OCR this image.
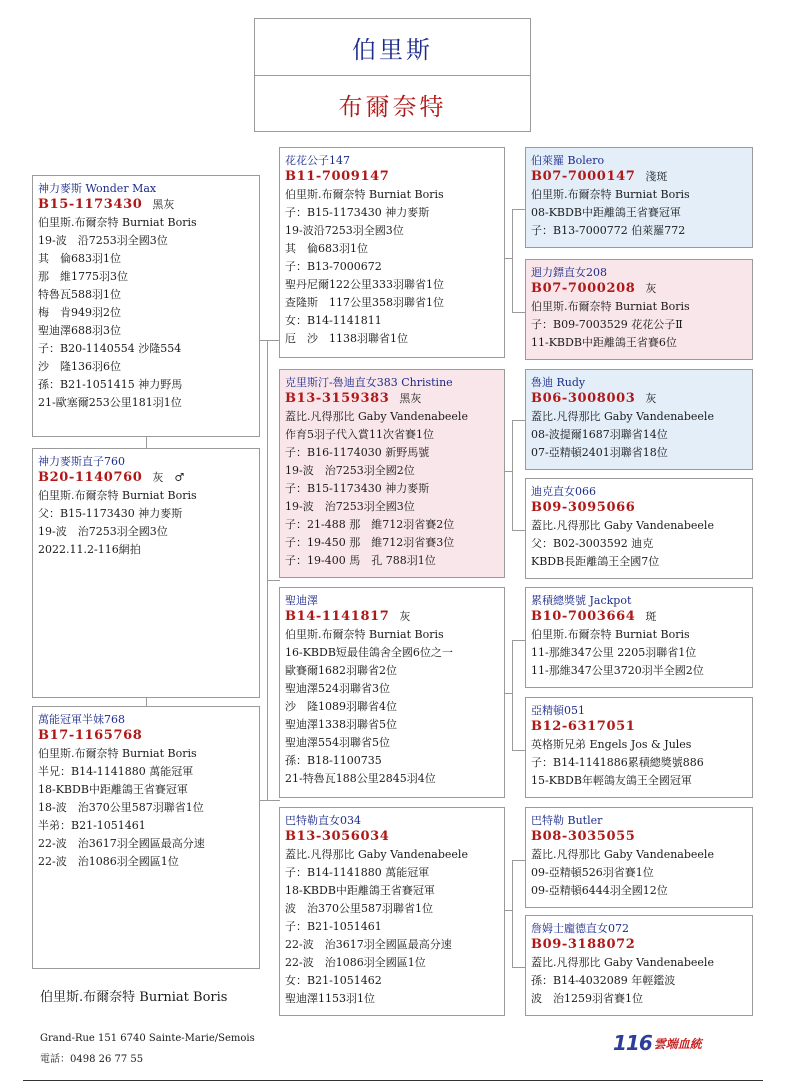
伯里斯
布爾奈特
神力麥斯 Wonder Max
B15-1173430 黑灰
伯里斯.布爾奈特 Burniat Boris
19-波　沿7253羽全國3位
其　倫683羽1位
那　維1775羽3位
特魯瓦588羽1位
梅　肯949羽2位
聖迪澤688羽3位
子：B20-1140554 沙隆554
沙　隆136羽6位
孫：B21-1051415 神力野馬
21-歐塞爾253公里181羽1位
神力麥斯直子760
B20-1140760 灰　♂
伯里斯.布爾奈特 Burniat Boris
父：B15-1173430 神力麥斯
19-波　治7253羽全國3位
2022.11.2-116網拍
萬能冠軍半妹768
B17-1165768
伯里斯.布爾奈特 Burniat Boris
半兄：B14-1141880 萬能冠軍
18-KBDB中距離鴿王省賽冠軍
18-波　治370公里587羽聯省1位
半弟：B21-1051461
22-波　治3617羽全國區最高分速
22-波　治1086羽全國區1位
花花公子147
B11-7009147
伯里斯.布爾奈特 Burniat Boris
子：B15-1173430 神力麥斯
19-波沿7253羽全國3位
其　倫683羽1位
子：B13-7000672
聖丹尼爾122公里333羽聯省1位
查隆斯　117公里358羽聯省1位
女：B14-1141811
厄　沙　1138羽聯省1位
克里斯汀-魯迪直女383 Christine
B13-3159383 黑灰
蓋比.凡得那比 Gaby Vandenabeele
作育5羽子代入賞11次省賽1位
子：B16-1174030 新野馬號
19-波　治7253羽全國2位
子：B15-1173430 神力麥斯
19-波　治7253羽全國3位
子：21-488 那　維712羽省賽2位
子：19-450 那　維712羽省賽3位
子：19-400 馬　孔 788羽1位
聖迪澤
B14-1141817 灰
伯里斯.布爾奈特 Burniat Boris
16-KBDB短最佳鴿舍全國6位之一
歐賽爾1682羽聯省2位
聖迪澤524羽聯省3位
沙　隆1089羽聯省4位
聖迪澤1338羽聯省5位
聖迪澤554羽聯省5位
孫：B18-1100735
21-特魯瓦188公里2845羽4位
巴特勒直女034
B13-3056034
蓋比.凡得那比 Gaby Vandenabeele
子：B14-1141880 萬能冠軍
18-KBDB中距離鴿王省賽冠軍
波　治370公里587羽聯省1位
子：B21-1051461
22-波　治3617羽全國區最高分速
22-波　治1086羽全國區1位
女：B21-1051462
聖迪澤1153羽1位
伯萊羅 Bolero
B07-7000147 淺斑
伯里斯.布爾奈特 Burniat Boris
08-KBDB中距離鴿王省賽冠軍
子：B13-7000772 伯萊羅772
迴力鏢直女208
B07-7000208 灰
伯里斯.布爾奈特 Burniat Boris
子：B09-7003529 花花公子Ⅱ
11-KBDB中距離鴿王省賽6位
魯迪 Rudy
B06-3008003 灰
蓋比.凡得那比 Gaby Vandenabeele
08-波提爾1687羽聯省14位
07-亞精頓2401羽聯省18位
迪克直女066
B09-3095066
蓋比.凡得那比 Gaby Vandenabeele
父：B02-3003592 迪克
KBDB長距離鴿王全國7位
累積總獎號 Jackpot
B10-7003664 斑
伯里斯.布爾奈特 Burniat Boris
11-那維347公里 2205羽聯省1位
11-那維347公里3720羽半全國2位
亞精頓051
B12-6317051
英格斯兄弟 Engels Jos & Jules
子：B14-1141886累積總獎號886
15-KBDB年輕鴿友鴿王全國冠軍
巴特勒 Butler
B08-3035055
蓋比.凡得那比 Gaby Vandenabeele
09-亞精頓526羽省賽1位
09-亞精頓6444羽全國12位
詹姆士龐德直女072
B09-3188072
蓋比.凡得那比 Gaby Vandenabeele
孫：B14-4032089 年輕鑑波
波　治1259羽省賽1位
伯里斯.布爾奈特 Burniat Boris
Grand-Rue 151 6740 Sainte-Marie/Semois
電話：0498 26 77 55
116 雲端血統
